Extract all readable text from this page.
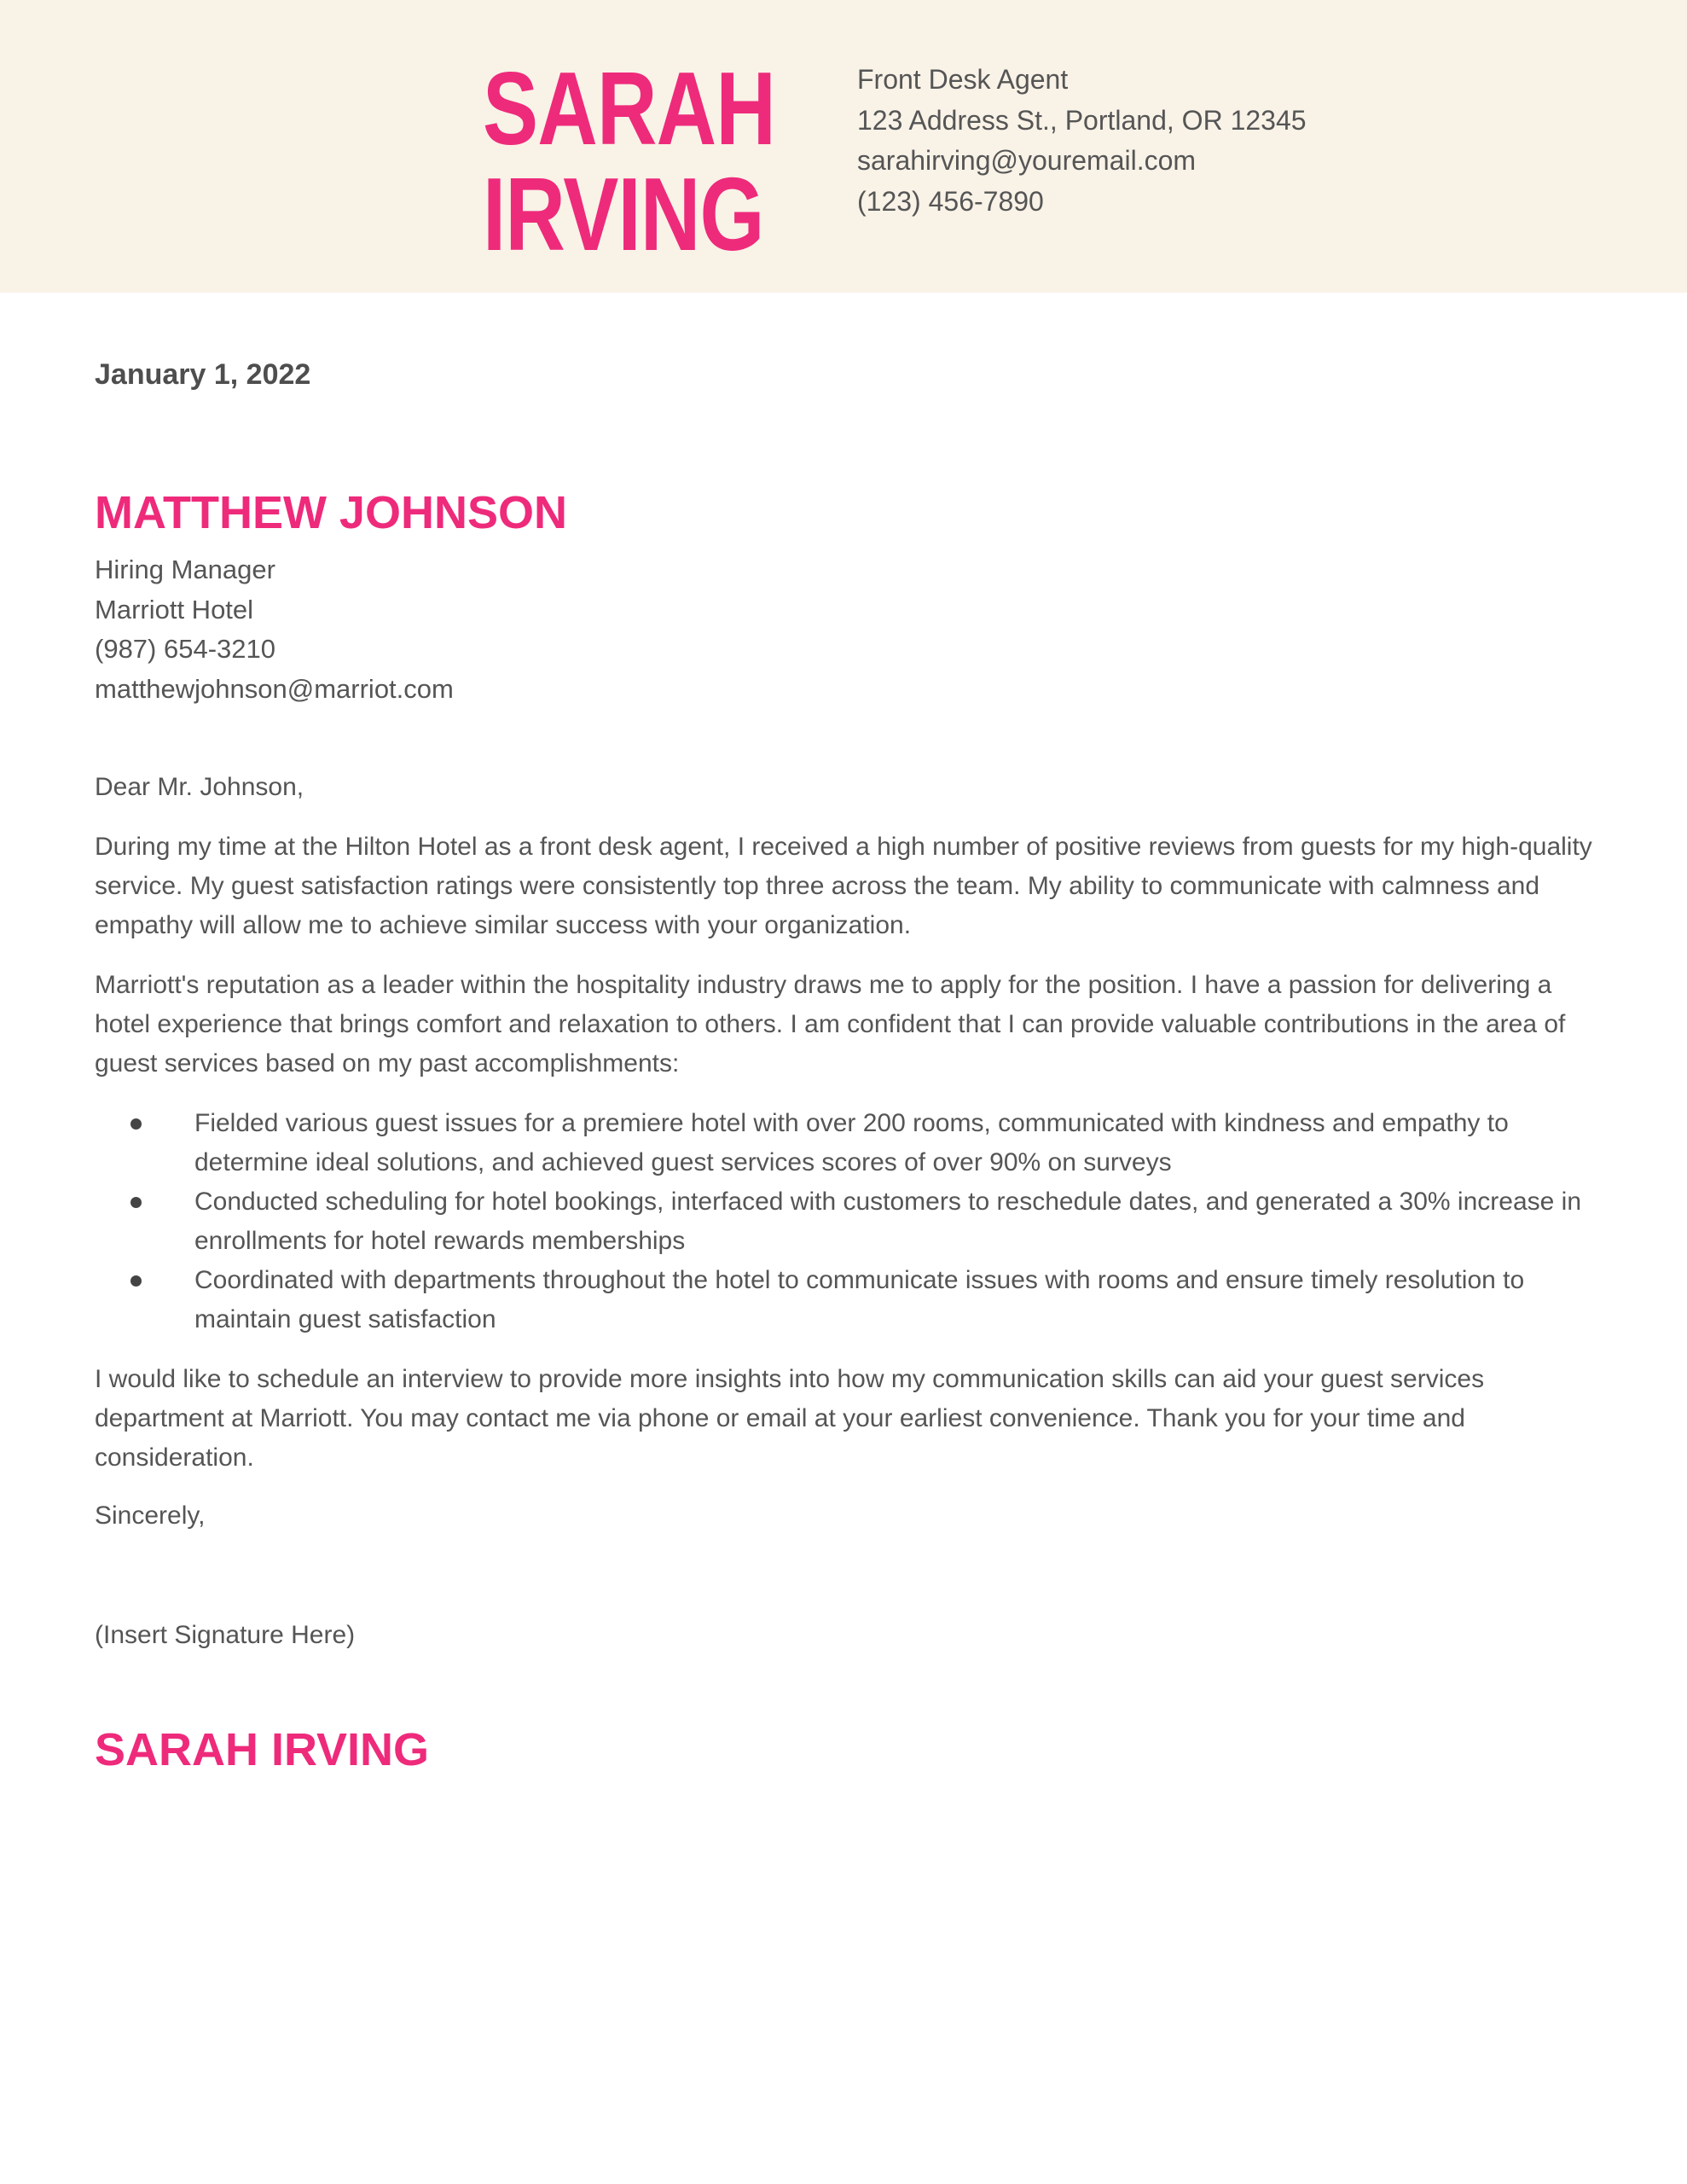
SARAH
IRVING
Front Desk Agent
123 Address St., Portland, OR 12345
sarahirving@youremail.com
(123) 456-7890
January 1, 2022
MATTHEW JOHNSON
Hiring Manager
Marriott Hotel
(987) 654-3210
matthewjohnson@marriot.com

Dear Mr. Johnson,

During my time at the Hilton Hotel as a front desk agent, I received a high number of positive reviews from guests for my high-quality service. My guest satisfaction ratings were consistently top three across the team. My ability to communicate with calmness and empathy will allow me to achieve similar success with your organization.

Marriott's reputation as a leader within the hospitality industry draws me to apply for the position. I have a passion for delivering a hotel experience that brings comfort and relaxation to others. I am confident that I can provide valuable contributions in the area of guest services based on my past accomplishments:

Fielded various guest issues for a premiere hotel with over 200 rooms, communicated with kindness and empathy to determine ideal solutions, and achieved guest services scores of over 90% on surveys
Conducted scheduling for hotel bookings, interfaced with customers to reschedule dates, and generated a 30% increase in enrollments for hotel rewards memberships
Coordinated with departments throughout the hotel to communicate issues with rooms and ensure timely resolution to maintain guest satisfaction

I would like to schedule an interview to provide more insights into how my communication skills can aid your guest services department at Marriott. You may contact me via phone or email at your earliest convenience. Thank you for your time and consideration.

Sincerely,
(Insert Signature Here)
SARAH IRVING
